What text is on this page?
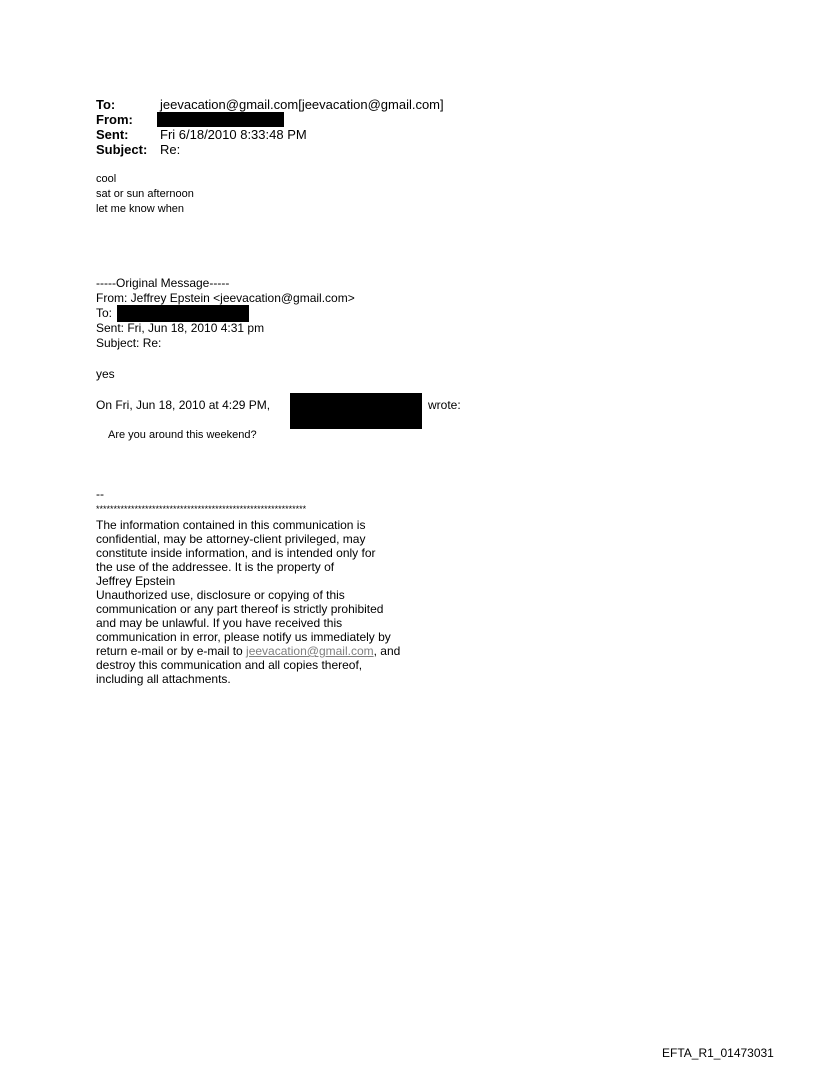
To:	jeevacation@gmail.com[jeevacation@gmail.com]
From:
Sent: Fri 6/18/2010 8:33:48 PM
Subject: Re:
cool
sat or sun afternoon
let me know when
-----Original Message-----
From: Jeffrey Epstein <jeevacation@gmail.com>
To:
Sent: Fri, Jun 18, 2010 4:31 pm
Subject: Re:
yes
On Fri, Jun 18, 2010 at 4:29 PM,	wrote:
Are you around this weekend?
--
************************************************************
The information contained in this communication is
confidential, may be attorney-client privileged, may
constitute inside information, and is intended only for
the use of the addressee. It is the property of
Jeffrey Epstein
Unauthorized use, disclosure or copying of this
communication or any part thereof is strictly prohibited
and may be unlawful. If you have received this
communication in error, please notify us immediately by
return e-mail or by e-mail to jeevacation@gmail.com, and
destroy this communication and all copies thereof,
including all attachments.
EFTA_R1_01473031
